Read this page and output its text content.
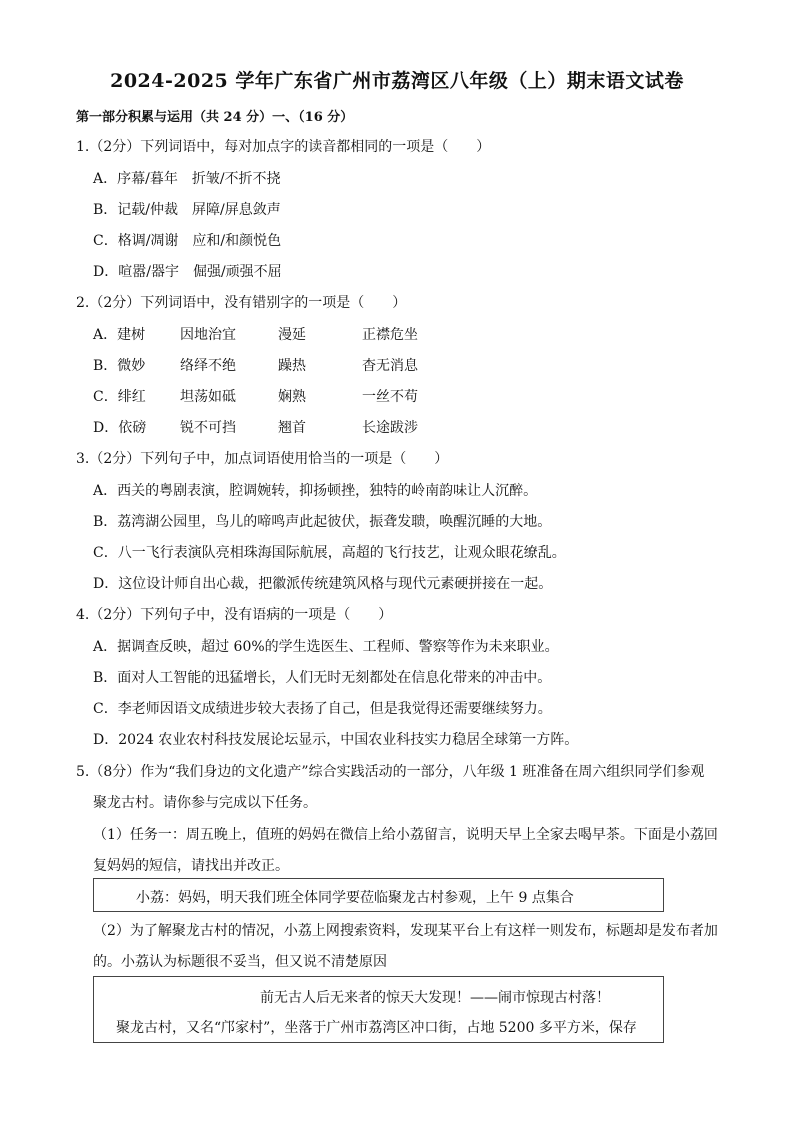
2024-2025 学年广东省广州市荔湾区八年级（上）期末语文试卷
第一部分积累与运用（共 24 分）一、（16 分）
1.（2分）下列词语中，每对加点字的读音都相同的一项是（　　）
A．序幕/暮年　折皱/不折不挠
B．记载/仲裁　屏障/屏息敛声
C．格调/凋谢　应和/和颜悦色
D．喧嚣/器宇　倔强/顽强不屈
2.（2分）下列词语中，没有错别字的一项是（　　）
A．建树 因地治宜	漫延	正襟危坐
B．微妙 络绎不绝	躁热	杳无消息
C．绯红 坦荡如砥	娴熟	一丝不苟
D．依磅 锐不可挡	翘首	长途跋涉
3.（2分）下列句子中，加点词语使用恰当的一项是（　　）
A．西关的粤剧表演，腔调婉转，抑扬顿挫，独特的岭南韵味让人沉醉。
B．荔湾湖公园里，鸟儿的啼鸣声此起彼伏，振聋发聩，唤醒沉睡的大地。
C．八一飞行表演队亮相珠海国际航展，高超的飞行技艺，让观众眼花缭乱。
D．这位设计师自出心裁，把徽派传统建筑风格与现代元素硬拼接在一起。
4.（2分）下列句子中，没有语病的一项是（　　）
A．据调查反映，超过 60%的学生选医生、工程师、警察等作为未来职业。
B．面对人工智能的迅猛增长，人们无时无刻都处在信息化带来的冲击中。
C．李老师因语文成绩进步较大表扬了自己，但是我觉得还需要继续努力。
D．2024 农业农村科技发展论坛显示，中国农业科技实力稳居全球第一方阵。
5.（8分）作为“我们身边的文化遗产”综合实践活动的一部分，八年级 1 班准备在周六组织同学们参观
聚龙古村。请你参与完成以下任务。
（1）任务一：周五晚上，值班的妈妈在微信上给小荔留言，说明天早上全家去喝早茶。下面是小荔回
复妈妈的短信，请找出并改正。
小荔：妈妈，明天我们班全体同学要莅临聚龙古村参观，上午 9 点集合
（2）为了解聚龙古村的情况，小荔上网搜索资料，发现某平台上有这样一则发布，标题却是发布者加
的。小荔认为标题很不妥当，但又说不清楚原因
前无古人后无来者的惊天大发现！——闹市惊现古村落！
聚龙古村，又名“邝家村”，坐落于广州市荔湾区冲口街，占地 5200 多平方米，保存
